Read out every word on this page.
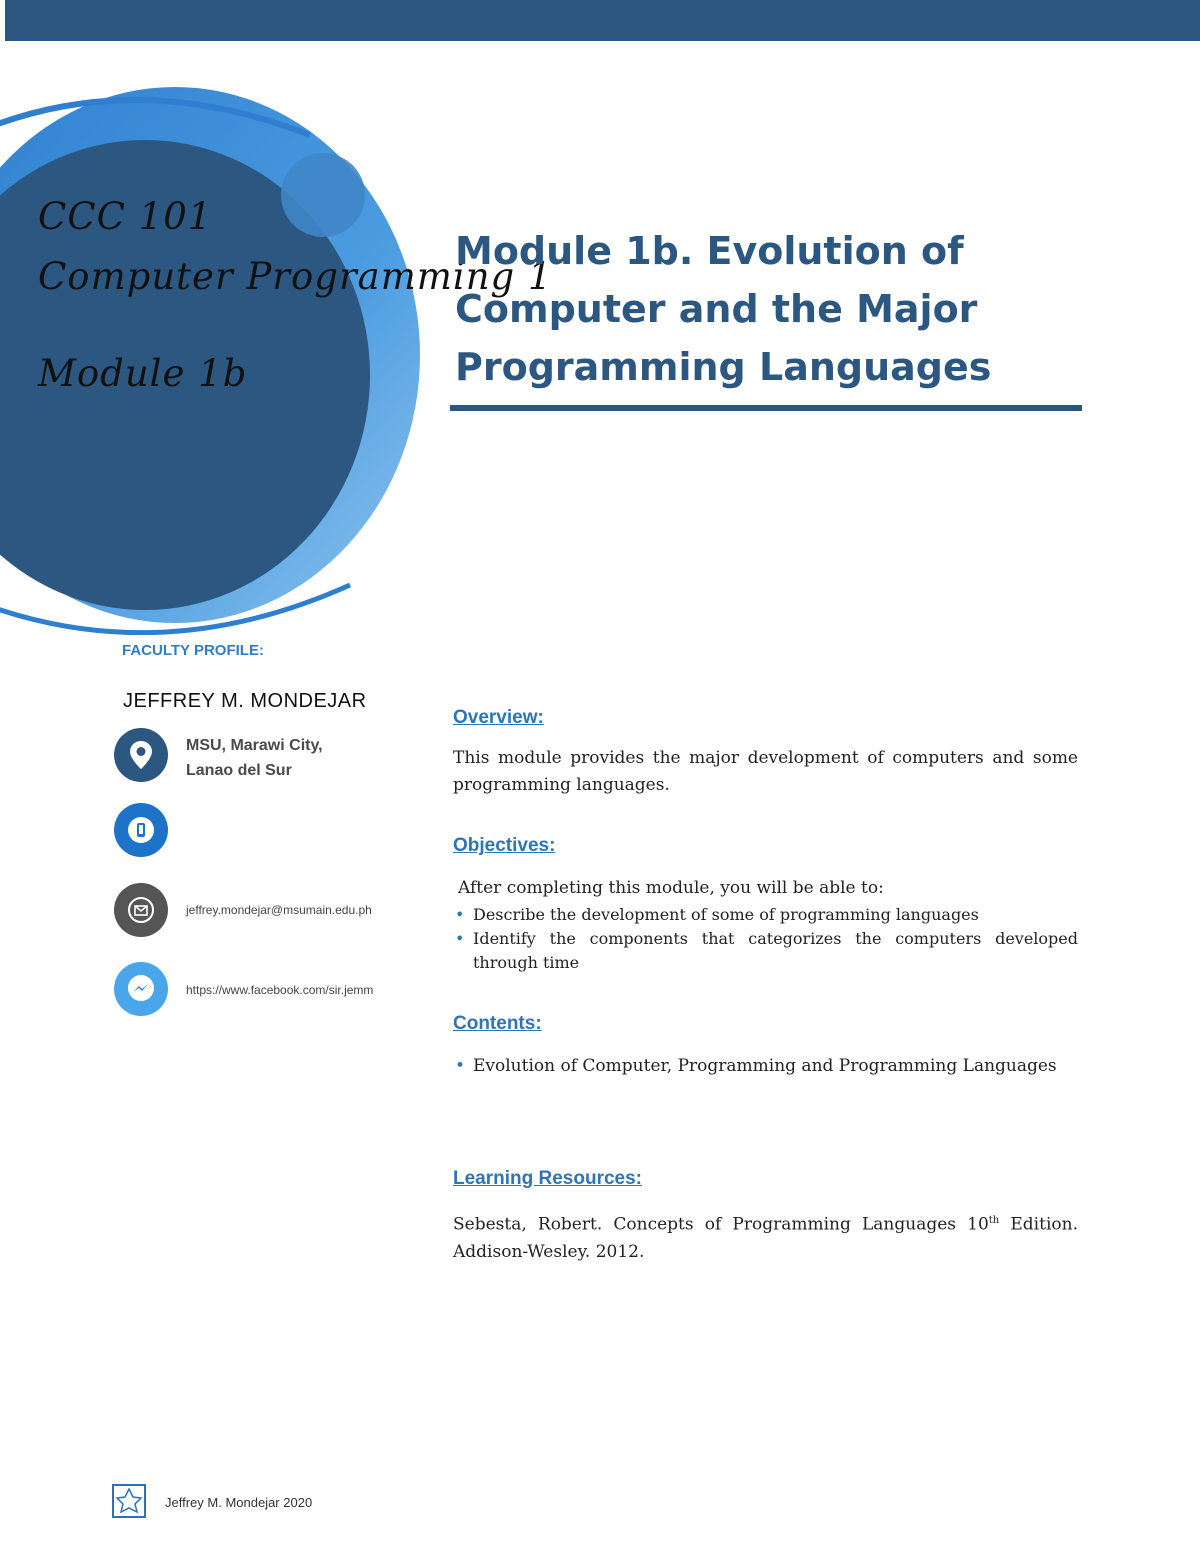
CCC 101
Computer Programming 1
Module 1b
Module 1b. Evolution of Computer and the Major Programming Languages
FACULTY PROFILE:
JEFFREY M. MONDEJAR
MSU, Marawi City,
Lanao del Sur
jeffrey.mondejar@msumain.edu.ph
https://www.facebook.com/sir.jemm
Overview:

This module provides the major development of computers and some programming languages.

Objectives:

After completing this module, you will be able to:

• Describe the development of some of programming languages
• Identify the components that categorizes the computers developed through time
Contents:
• Evolution of Computer, Programming and Programming Languages
Learning Resources:

Sebesta, Robert. Concepts of Programming Languages 10th Edition. Addison-Wesley. 2012.

Jeffrey M. Mondejar 2020
